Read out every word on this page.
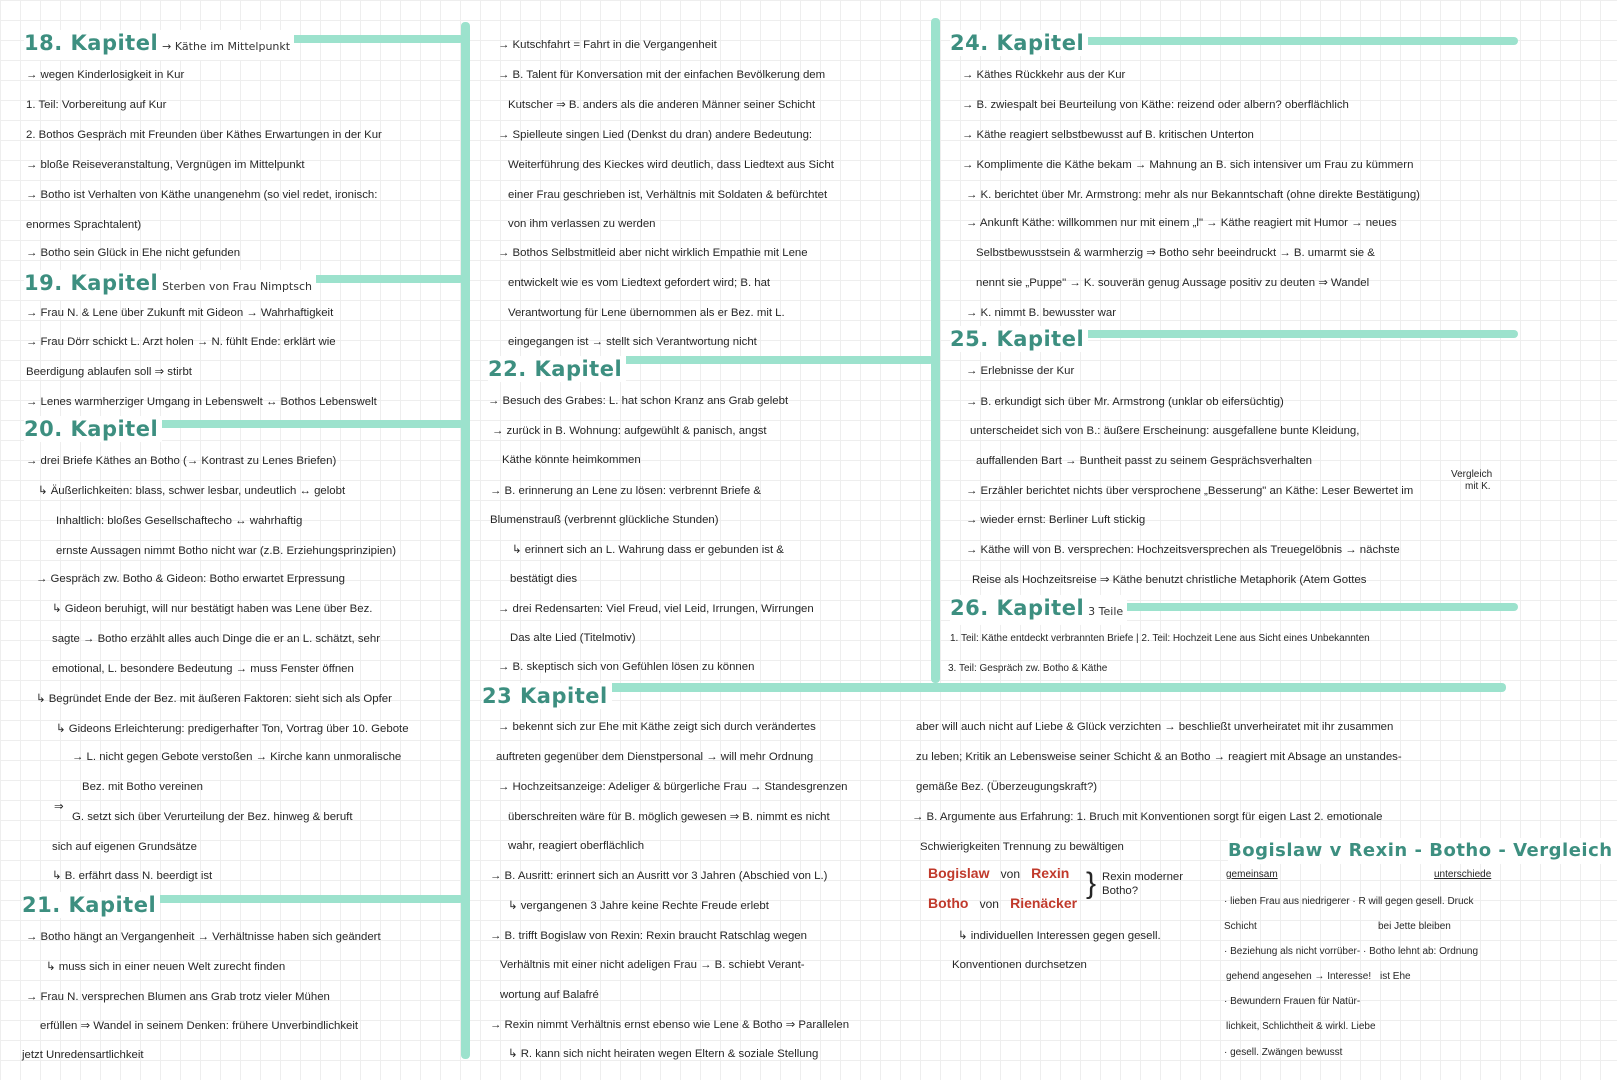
18. Kapitel → Käthe im Mittelpunkt
→ wegen Kinderlosigkeit in Kur
1. Teil: Vorbereitung auf Kur
2. Bothos Gespräch mit Freunden über Käthes Erwartungen in der Kur
→ bloße Reiseveranstaltung, Vergnügen im Mittelpunkt
→ Botho ist Verhalten von Käthe unangenehm (so viel redet, ironisch:
enormes Sprachtalent)
→ Botho sein Glück in Ehe nicht gefunden
19. Kapitel Sterben von Frau Nimptsch
→ Frau N. & Lene über Zukunft mit Gideon → Wahrhaftigkeit
→ Frau Dörr schickt L. Arzt holen → N. fühlt Ende: erklärt wie
Beerdigung ablaufen soll ⇒ stirbt
→ Lenes warmherziger Umgang in Lebenswelt ↔ Bothos Lebenswelt
20. Kapitel
→ drei Briefe Käthes an Botho (→ Kontrast zu Lenes Briefen)
↳ Äußerlichkeiten: blass, schwer lesbar, undeutlich ↔ gelobt
Inhaltlich: bloßes Gesellschaftecho ↔ wahrhaftig
ernste Aussagen nimmt Botho nicht war (z.B. Erziehungsprinzipien)
→ Gespräch zw. Botho & Gideon: Botho erwartet Erpressung
↳ Gideon beruhigt, will nur bestätigt haben was Lene über Bez.
sagte → Botho erzählt alles auch Dinge die er an L. schätzt, sehr
emotional, L. besondere Bedeutung → muss Fenster öffnen
↳ Begründet Ende der Bez. mit äußeren Faktoren: sieht sich als Opfer
↳ Gideons Erleichterung: predigerhafter Ton, Vortrag über 10. Gebote
→ L. nicht gegen Gebote verstoßen → Kirche kann unmoralische
Bez. mit Botho vereinen
⇒
G. setzt sich über Verurteilung der Bez. hinweg & beruft
sich auf eigenen Grundsätze
↳ B. erfährt dass N. beerdigt ist
21. Kapitel
→ Botho hängt an Vergangenheit → Verhältnisse haben sich geändert
↳ muss sich in einer neuen Welt zurecht finden
→ Frau N. versprechen Blumen ans Grab trotz vieler Mühen
erfüllen ⇒ Wandel in seinem Denken: frühere Unverbindlichkeit
jetzt Unredensartlichkeit
→ Kutschfahrt = Fahrt in die Vergangenheit
→ B. Talent für Konversation mit der einfachen Bevölkerung dem
Kutscher ⇒ B. anders als die anderen Männer seiner Schicht
→ Spielleute singen Lied (Denkst du dran) andere Bedeutung:
Weiterführung des Kieckes wird deutlich, dass Liedtext aus Sicht
einer Frau geschrieben ist, Verhältnis mit Soldaten & befürchtet
von ihm verlassen zu werden
→ Bothos Selbstmitleid aber nicht wirklich Empathie mit Lene
entwickelt wie es vom Liedtext gefordert wird; B. hat
Verantwortung für Lene übernommen als er Bez. mit L.
eingegangen ist → stellt sich Verantwortung nicht
22. Kapitel
→ Besuch des Grabes: L. hat schon Kranz ans Grab gelebt
→ zurück in B. Wohnung: aufgewühlt & panisch, angst
Käthe könnte heimkommen
→ B. erinnerung an Lene zu lösen: verbrennt Briefe &
Blumenstrauß (verbrennt glückliche Stunden)
↳ erinnert sich an L. Wahrung dass er gebunden ist &
bestätigt dies
→ drei Redensarten: Viel Freud, viel Leid, Irrungen, Wirrungen
Das alte Lied (Titelmotiv)
→ B. skeptisch sich von Gefühlen lösen zu können
23 Kapitel
→ bekennt sich zur Ehe mit Käthe zeigt sich durch verändertes
auftreten gegenüber dem Dienstpersonal → will mehr Ordnung
→ Hochzeitsanzeige: Adeliger & bürgerliche Frau → Standesgrenzen
überschreiten wäre für B. möglich gewesen ⇒ B. nimmt es nicht
wahr, reagiert oberflächlich
→ B. Ausritt: erinnert sich an Ausritt vor 3 Jahren (Abschied von L.)
↳ vergangenen 3 Jahre keine Rechte Freude erlebt
→ B. trifft Bogislaw von Rexin: Rexin braucht Ratschlag wegen
Verhältnis mit einer nicht adeligen Frau → B. schiebt Verant-
wortung auf Balafré
→ Rexin nimmt Verhältnis ernst ebenso wie Lene & Botho ⇒ Parallelen
↳ R. kann sich nicht heiraten wegen Eltern & soziale Stellung
24. Kapitel
→ Käthes Rückkehr aus der Kur
→ B. zwiespalt bei Beurteilung von Käthe: reizend oder albern? oberflächlich
→ Käthe reagiert selbstbewusst auf B. kritischen Unterton
→ Komplimente die Käthe bekam → Mahnung an B. sich intensiver um Frau zu kümmern
→ K. berichtet über Mr. Armstrong: mehr als nur Bekanntschaft (ohne direkte Bestätigung)
→ Ankunft Käthe: willkommen nur mit einem „l" → Käthe reagiert mit Humor → neues
Selbstbewusstsein & warmherzig ⇒ Botho sehr beeindruckt → B. umarmt sie &
nennt sie „Puppe" → K. souverän genug Aussage positiv zu deuten ⇒ Wandel
→ K. nimmt B. bewusster war
25. Kapitel
→ Erlebnisse der Kur
→ B. erkundigt sich über Mr. Armstrong (unklar ob eifersüchtig)
unterscheidet sich von B.: äußere Erscheinung: ausgefallene bunte Kleidung,
auffallenden Bart → Buntheit passt zu seinem Gesprächsverhalten
→ Erzähler berichtet nichts über versprochene „Besserung" an Käthe: Leser Bewertet im
Vergleich
mit K.
→ wieder ernst: Berliner Luft stickig
→ Käthe will von B. versprechen: Hochzeitsversprechen als Treuegelöbnis → nächste
Reise als Hochzeitsreise ⇒ Käthe benutzt christliche Metaphorik (Atem Gottes
26. Kapitel 3 Teile
1. Teil: Käthe entdeckt verbrannten Briefe | 2. Teil: Hochzeit Lene aus Sicht eines Unbekannten
3. Teil: Gespräch zw. Botho & Käthe
aber will auch nicht auf Liebe & Glück verzichten → beschließt unverheiratet mit ihr zusammen
zu leben; Kritik an Lebensweise seiner Schicht & an Botho → reagiert mit Absage an unstandes-
gemäße Bez. (Überzeugungskraft?)
→ B. Argumente aus Erfahrung: 1. Bruch mit Konventionen sorgt für eigen Last 2. emotionale
Schwierigkeiten Trennung zu bewältigen
Bogislaw von Rexin
Botho von Rienäcker
} Rexin moderner
Botho?
↳ individuellen Interessen gegen gesell.
Konventionen durchsetzen
Bogislaw v Rexin - Botho - Vergleich
gemeinsam	unterschiede
· lieben Frau aus niedrigerer · R will gegen gesell. Druck
Schicht	bei Jette bleiben
· Beziehung als nicht vorrüber- · Botho lehnt ab: Ordnung
gehend angesehen → Interesse! ist Ehe
· Bewundern Frauen für Natür-
lichkeit, Schlichtheit & wirkl. Liebe
· gesell. Zwängen bewusst
